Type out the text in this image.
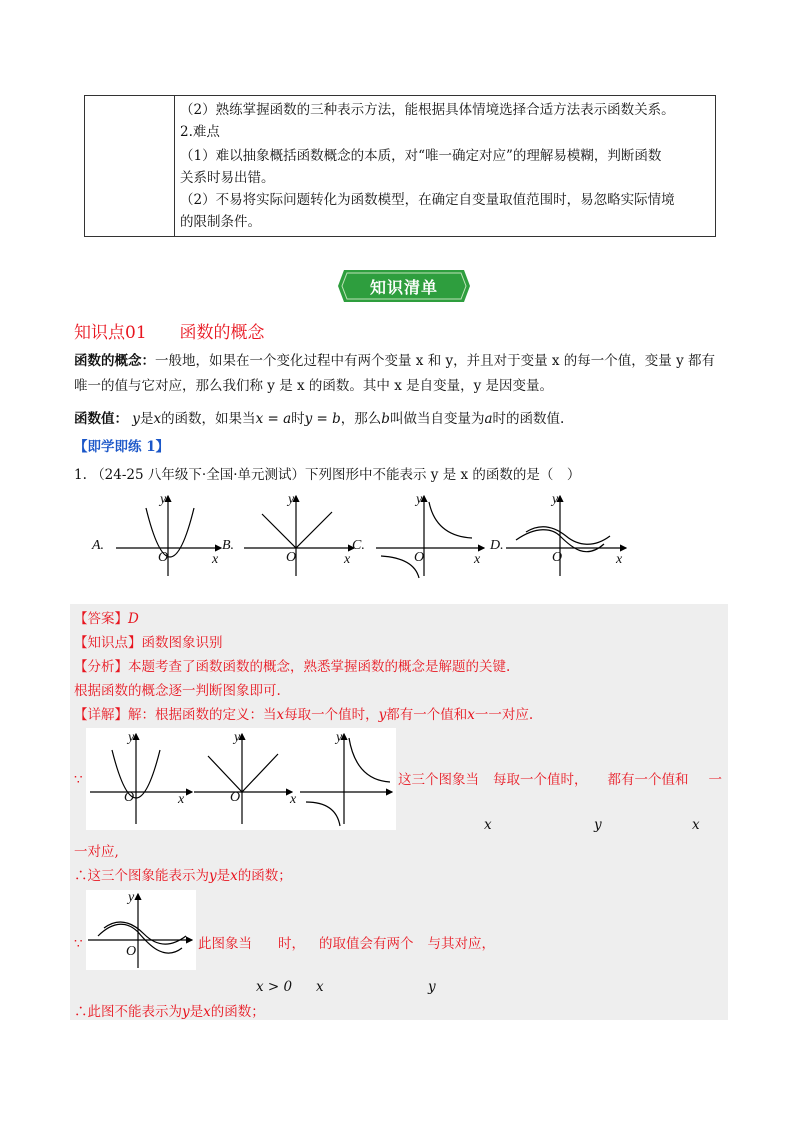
（2）熟练掌握函数的三种表示方法，能根据具体情境选择合适方法表示函数关系。
2.难点
（1）难以抽象概括函数概念的本质，对“唯一确定对应”的理解易模糊，判断函数
关系时易出错。
（2）不易将实际问题转化为函数模型，在确定自变量取值范围时，易忽略实际情境
的限制条件。
知识清单
知识点01 函数的概念
函数的概念：一般地，如果在一个变化过程中有两个变量 x 和 y，并且对于变量 x 的每一个值，变量 y 都有
唯一的值与它对应，那么我们称 y 是 x 的函数。其中 x 是自变量，y 是因变量。
函数值： y是x的函数，如果当x = a时y = b，那么b叫做当自变量为a时的函数值.
【即学即练 1】
1. （24-25 八年级下·全国·单元测试）下列图形中不能表示 y 是 x 的函数的是（　）
A.	B.	C.	D.
y
x
O
y
x
O
y
x
O
y
x
O
【答案】D
【知识点】函数图象识别
【分析】本题考查了函数函数的概念，熟悉掌握函数的概念是解题的关键.
根据函数的概念逐一判断图象即可.
【详解】解：根据函数的定义：当x每取一个值时，y都有一个值和x一一对应.
y
x
O
y
x
O
y
∵	这三个图象当 每取一个值时， 都有一个值和 一
x	y	x
一对应,
∴这三个图象能表示为y是x的函数；
y
O
∵	此图象当 时， 的取值会有两个 与其对应，
x > 0 x	y
∴此图不能表示为y是x的函数；
